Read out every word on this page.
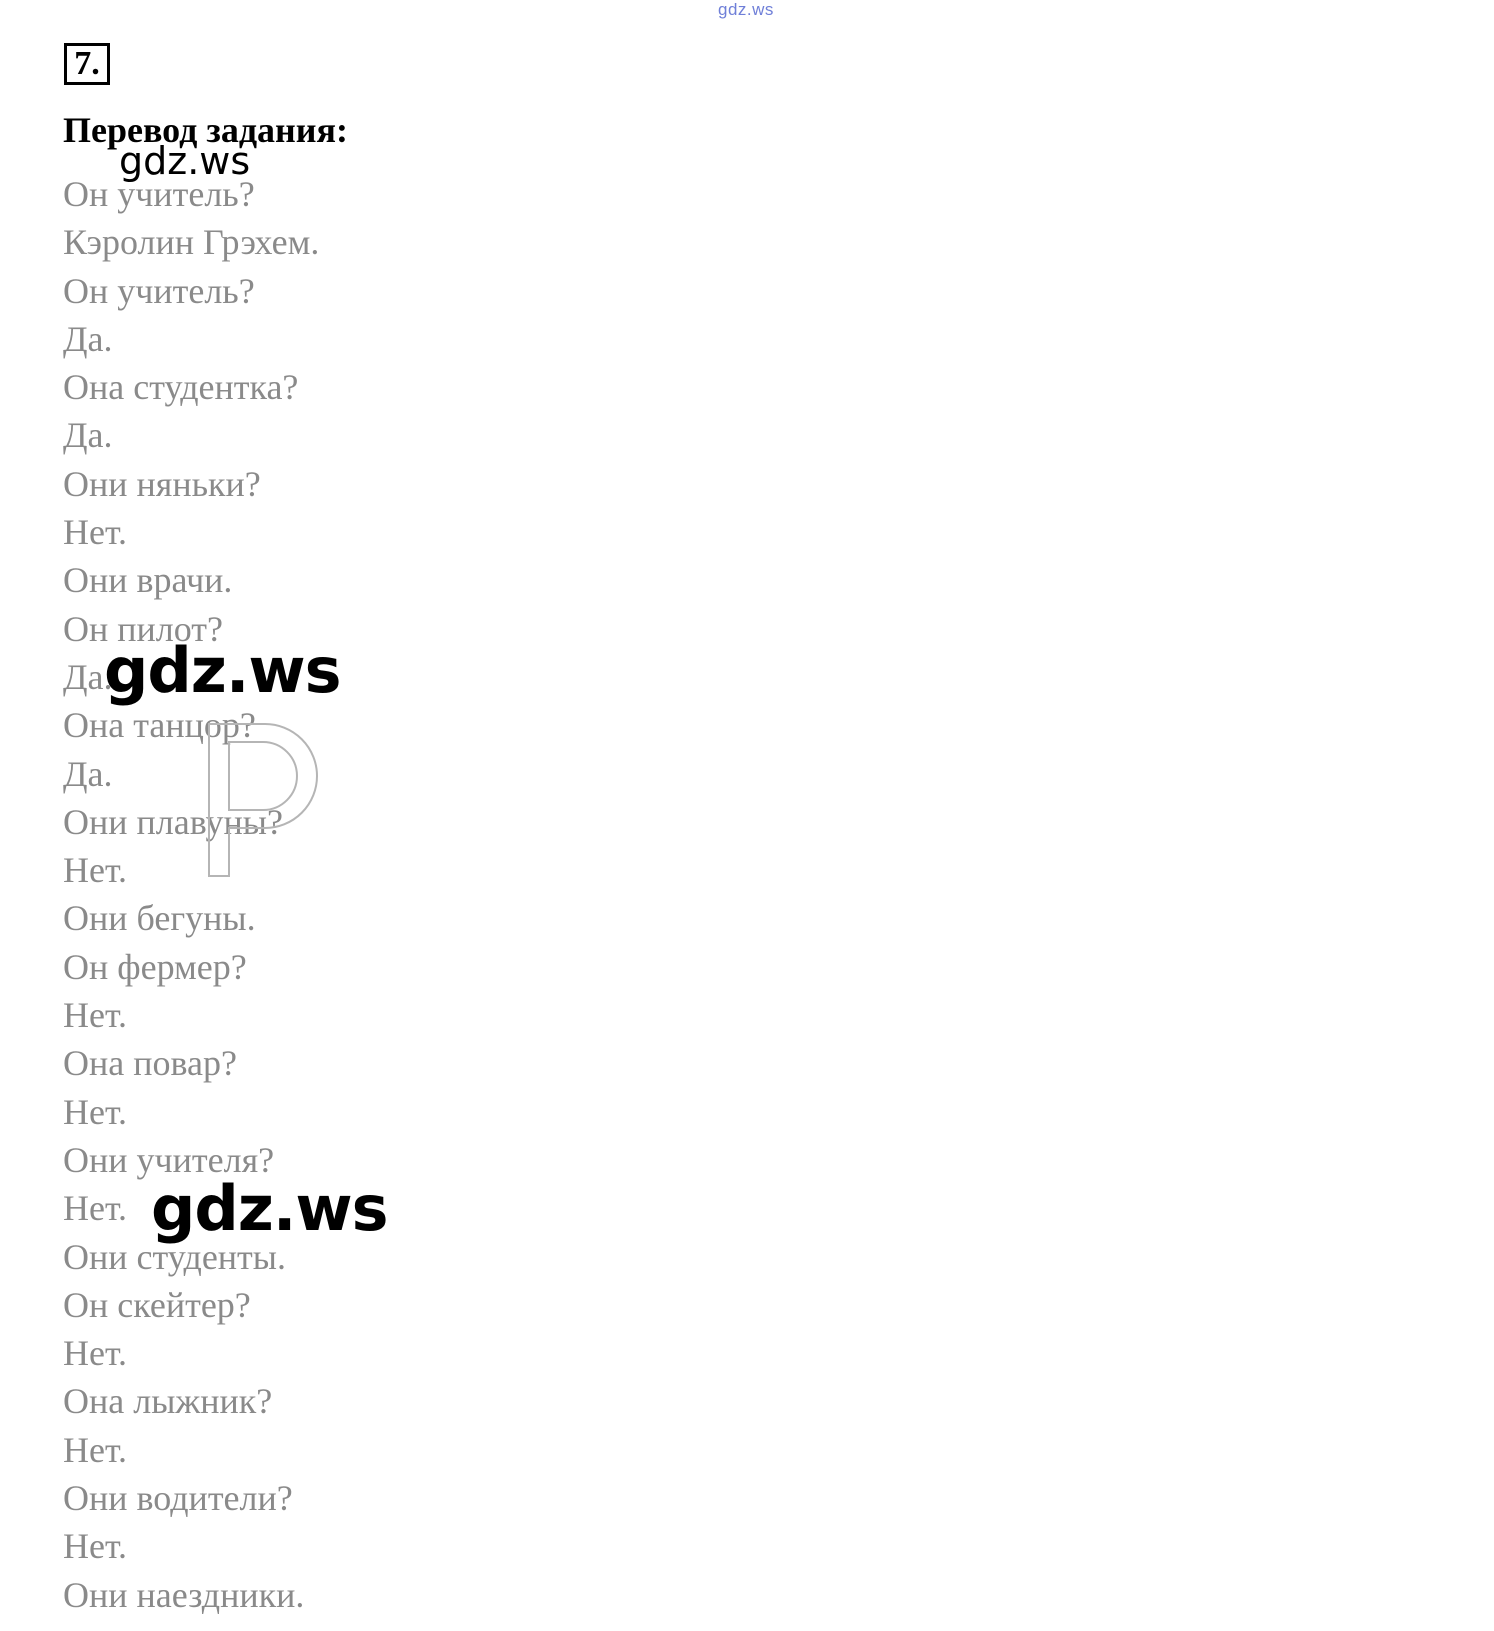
gdz.ws
7.
Перевод задания:
Он учитель?
Кэролин Грэхем.
Он учитель?
Да.
Она студентка?
Да.
Они няньки?
Нет.
Они врачи.
Он пилот?
Да.
Она танцор?
Да.
Они плавуны?
Нет.
Они бегуны.
Он фермер?
Нет.
Она повар?
Нет.
Они учителя?
Нет.
Они студенты.
Он скейтер?
Нет.
Она лыжник?
Нет.
Они водители?
Нет.
Они наездники.
gdz.ws
gdz.ws
gdz.ws
